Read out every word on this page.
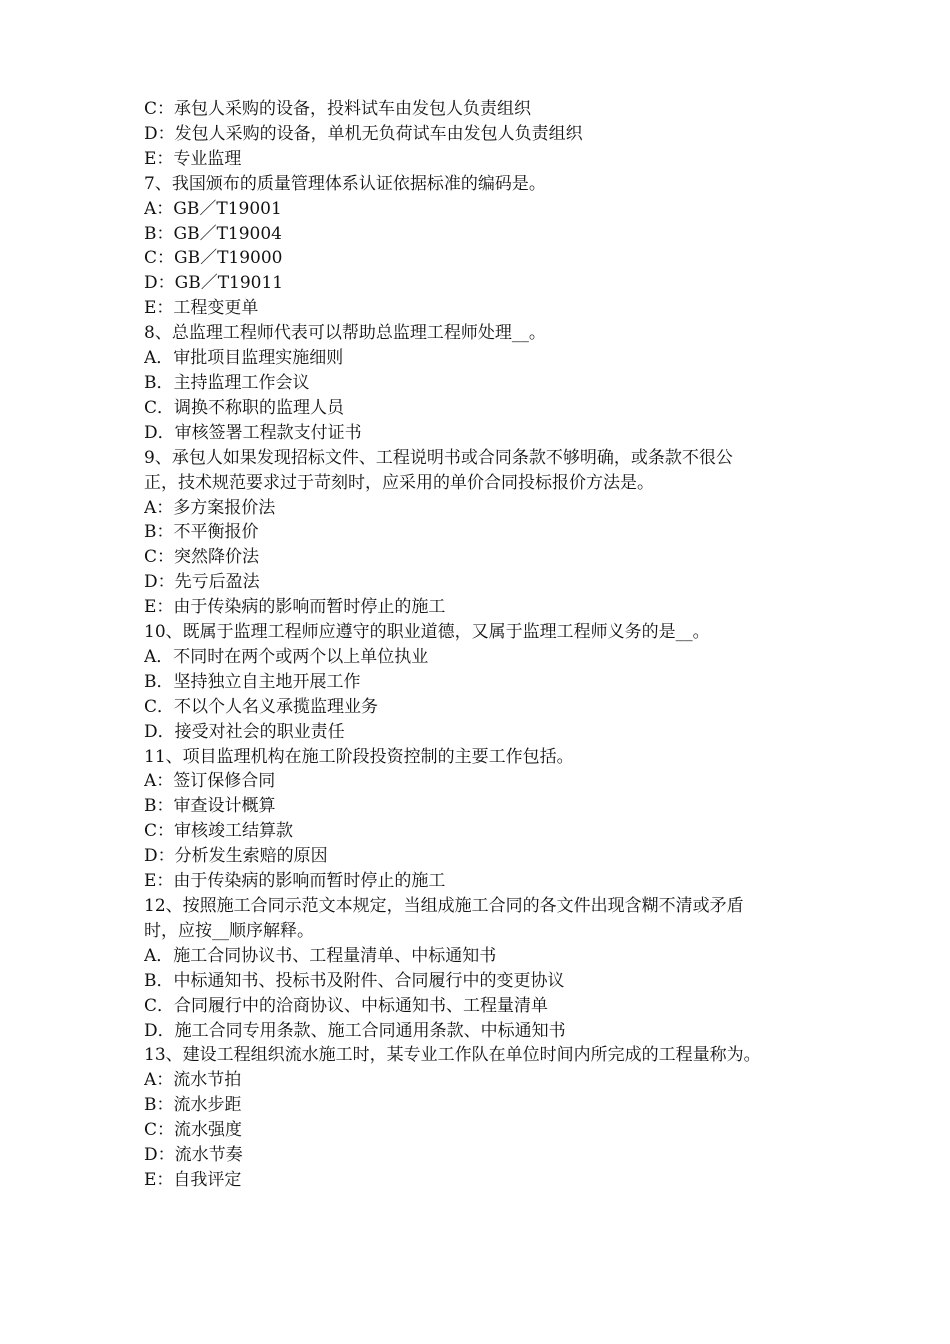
C：承包人采购的设备，投料试车由发包人负责组织
D：发包人采购的设备，单机无负荷试车由发包人负责组织
E：专业监理
7、我国颁布的质量管理体系认证依据标准的编码是。
A：GB／T19001
B：GB／T19004
C：GB／T19000
D：GB／T19011
E：工程变更单
8、总监理工程师代表可以帮助总监理工程师处理__。
A．审批项目监理实施细则
B．主持监理工作会议
C．调换不称职的监理人员
D．审核签署工程款支付证书
9、承包人如果发现招标文件、工程说明书或合同条款不够明确，或条款不很公
正，技术规范要求过于苛刻时，应采用的单价合同投标报价方法是。
A：多方案报价法
B：不平衡报价
C：突然降价法
D：先亏后盈法
E：由于传染病的影响而暂时停止的施工
10、既属于监理工程师应遵守的职业道德，又属于监理工程师义务的是__。
A．不同时在两个或两个以上单位执业
B．坚持独立自主地开展工作
C．不以个人名义承揽监理业务
D．接受对社会的职业责任
11、项目监理机构在施工阶段投资控制的主要工作包括。
A：签订保修合同
B：审查设计概算
C：审核竣工结算款
D：分析发生索赔的原因
E：由于传染病的影响而暂时停止的施工
12、按照施工合同示范文本规定，当组成施工合同的各文件出现含糊不清或矛盾
时，应按__顺序解释。
A．施工合同协议书、工程量清单、中标通知书
B．中标通知书、投标书及附件、合同履行中的变更协议
C．合同履行中的洽商协议、中标通知书、工程量清单
D．施工合同专用条款、施工合同通用条款、中标通知书
13、建设工程组织流水施工时，某专业工作队在单位时间内所完成的工程量称为。
A：流水节拍
B：流水步距
C：流水强度
D：流水节奏
E：自我评定
